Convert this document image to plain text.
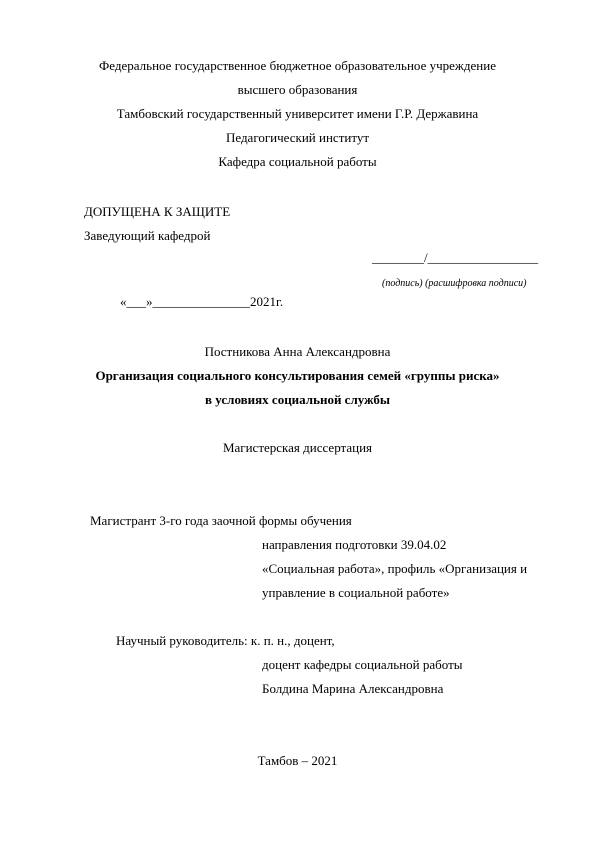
Федеральное государственное бюджетное образовательное учреждение
высшего образования
Тамбовский государственный университет имени Г.Р. Державина
Педагогический институт
Кафедра социальной работы
ДОПУЩЕНА К ЗАЩИТЕ
Заведующий кафедрой
________/_________________
(подпись) (расшифровка подписи)
«___»_______________2021г.
Постникова Анна Александровна
Организация социального консультирования семей «группы риска»
в условиях социальной службы
Магистерская диссертация
Магистрант 3-го года заочной формы обучения
направления подготовки 39.04.02
«Социальная работа», профиль «Организация и
управление в социальной работе»
Научный руководитель: к. п. н., доцент,
доцент кафедры социальной работы
Болдина Марина Александровна
Тамбов – 2021
